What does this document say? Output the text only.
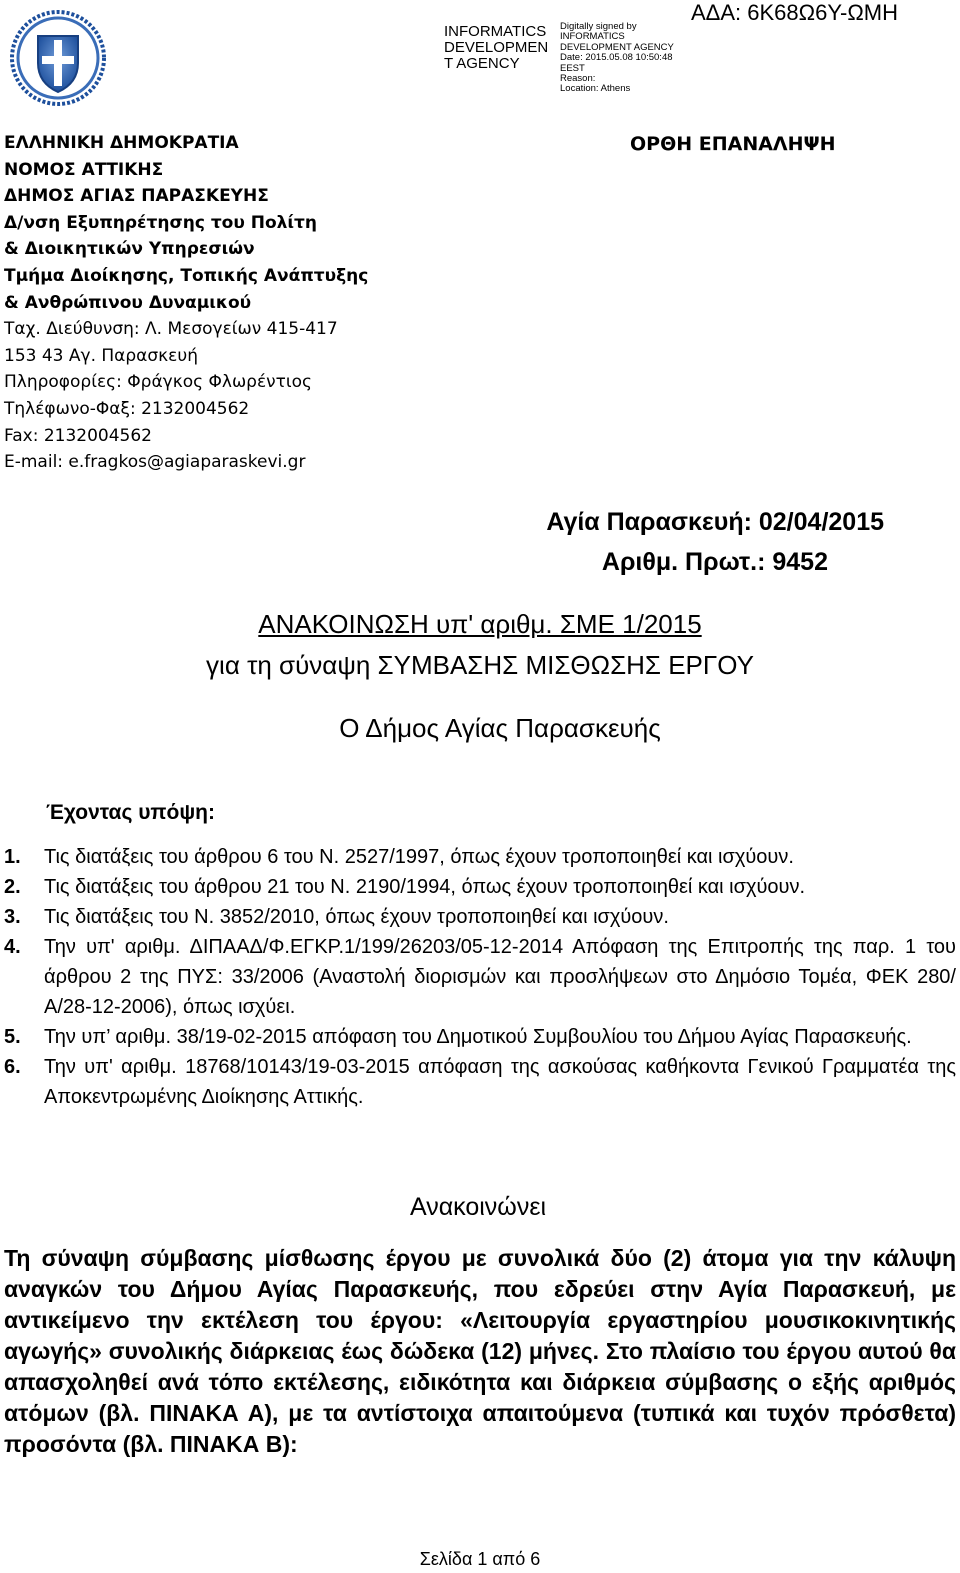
ΑΔΑ: 6Κ68Ω6Υ-ΩΜΗ
INFORMATICS
DEVELOPMEN
T AGENCY
Digitally signed by
INFORMATICS
DEVELOPMENT AGENCY
Date: 2015.05.08 10:50:48
EEST
Reason:
Location: Athens
ΟΡΘΗ ΕΠΑΝΑΛΗΨΗ
ΕΛΛΗΝΙΚΗ ΔΗΜΟΚΡΑΤΙΑ
ΝΟΜΟΣ ΑΤΤΙΚΗΣ
ΔΗΜΟΣ ΑΓΙΑΣ ΠΑΡΑΣΚΕΥΗΣ
Δ/νση Εξυπηρέτησης του Πολίτη
& Διοικητικών Υπηρεσιών
Τμήμα Διοίκησης, Τοπικής Ανάπτυξης
& Ανθρώπινου Δυναμικού
Ταχ. Διεύθυνση: Λ. Μεσογείων 415-417
153 43 Αγ. Παρασκευή
Πληροφορίες: Φράγκος Φλωρέντιος
Τηλέφωνο-Φαξ: 2132004562
Fax: 2132004562
E-mail: e.fragkos@agiaparaskevi.gr
Αγία Παρασκευή: 02/04/2015
Αριθμ. Πρωτ.: 9452
ΑΝΑΚΟΙΝΩΣΗ υπ' αριθμ. ΣΜΕ 1/2015
για τη σύναψη ΣΥΜΒΑΣΗΣ ΜΙΣΘΩΣΗΣ ΕΡΓΟΥ
Ο Δήμος Αγίας Παρασκευής
Έχοντας υπόψη:
1.	Τις διατάξεις του άρθρου 6 του Ν. 2527/1997, όπως έχουν τροποποιηθεί και ισχύουν.
2.	Τις διατάξεις του άρθρου 21 του Ν. 2190/1994, όπως έχουν τροποποιηθεί και ισχύουν.
3.	Τις διατάξεις του Ν. 3852/2010, όπως έχουν τροποποιηθεί και ισχύουν.
4.	Την υπ' αριθμ. ΔΙΠΑΑΔ/Φ.ΕΓΚΡ.1/199/26203/05-12-2014 Απόφαση της Επιτροπής της παρ. 1 του άρθρου 2 της ΠΥΣ: 33/2006 (Αναστολή διορισμών και προσλήψεων στο Δημόσιο Τομέα, ΦΕΚ 280/Α/28-12-2006), όπως ισχύει.
5.	Την υπ’ αριθμ. 38/19-02-2015 απόφαση του Δημοτικού Συμβουλίου του Δήμου Αγίας Παρασκευής.
6.	Την υπ' αριθμ. 18768/10143/19-03-2015 απόφαση της ασκούσας καθήκοντα Γενικού Γραμματέα της Αποκεντρωμένης Διοίκησης Αττικής.
Ανακοινώνει
Τη σύναψη σύμβασης μίσθωσης έργου με συνολικά δύο (2) άτομα για την κάλυψη αναγκών του Δήμου Αγίας Παρασκευής, που εδρεύει στην Αγία Παρασκευή, με αντικείμενο την εκτέλεση του έργου: «Λειτουργία εργαστηρίου μουσικοκινητικής αγωγής» συνολικής διάρκειας έως δώδεκα (12) μήνες. Στο πλαίσιο του έργου αυτού θα απασχοληθεί ανά τόπο εκτέλεσης, ειδικότητα και διάρκεια σύμβασης ο εξής αριθμός ατόμων (βλ. ΠΙΝΑΚΑ Α), με τα αντίστοιχα απαιτούμενα (τυπικά και τυχόν πρόσθετα) προσόντα (βλ. ΠΙΝΑΚΑ Β):
Σελίδα 1 από 6
